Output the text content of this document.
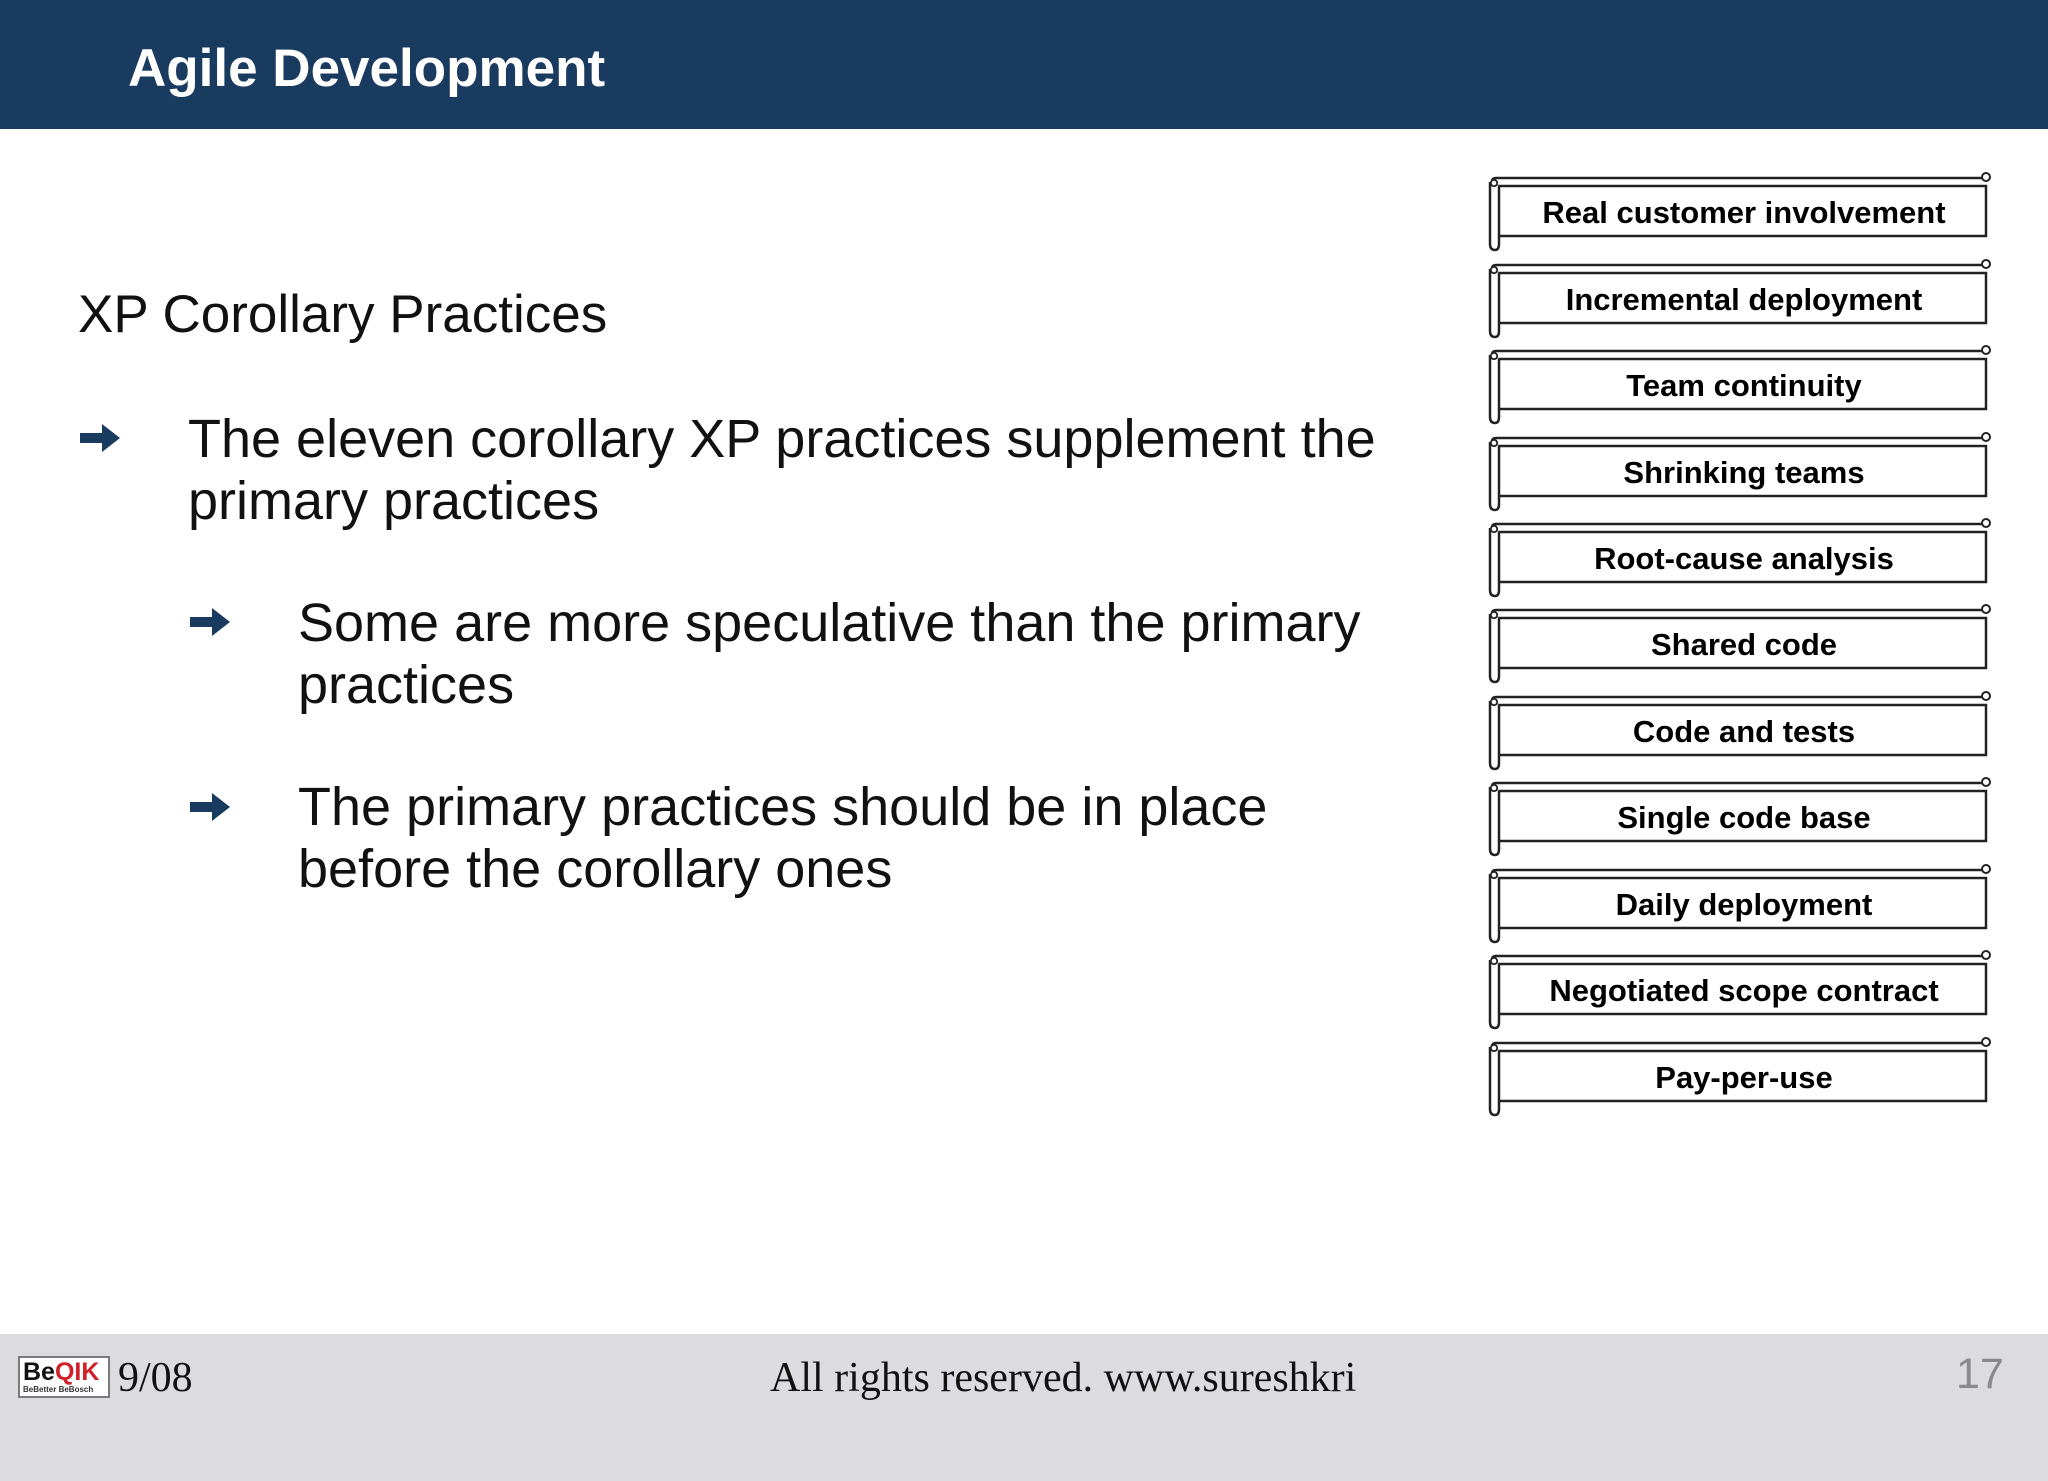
Agile Development
XP Corollary Practices
The eleven corollary XP practices supplement the
primary practices
Some are more speculative than the primary
practices
The primary practices should be in place
before the corollary ones
Real customer involvement
Incremental deployment
Team continuity
Shrinking teams
Root-cause analysis
Shared code
Code and tests
Single code base
Daily deployment
Negotiated scope contract
Pay-per-use
BeQIK
BeBetter BeBosch 9/08	All rights reserved. www.sureshkri	17
